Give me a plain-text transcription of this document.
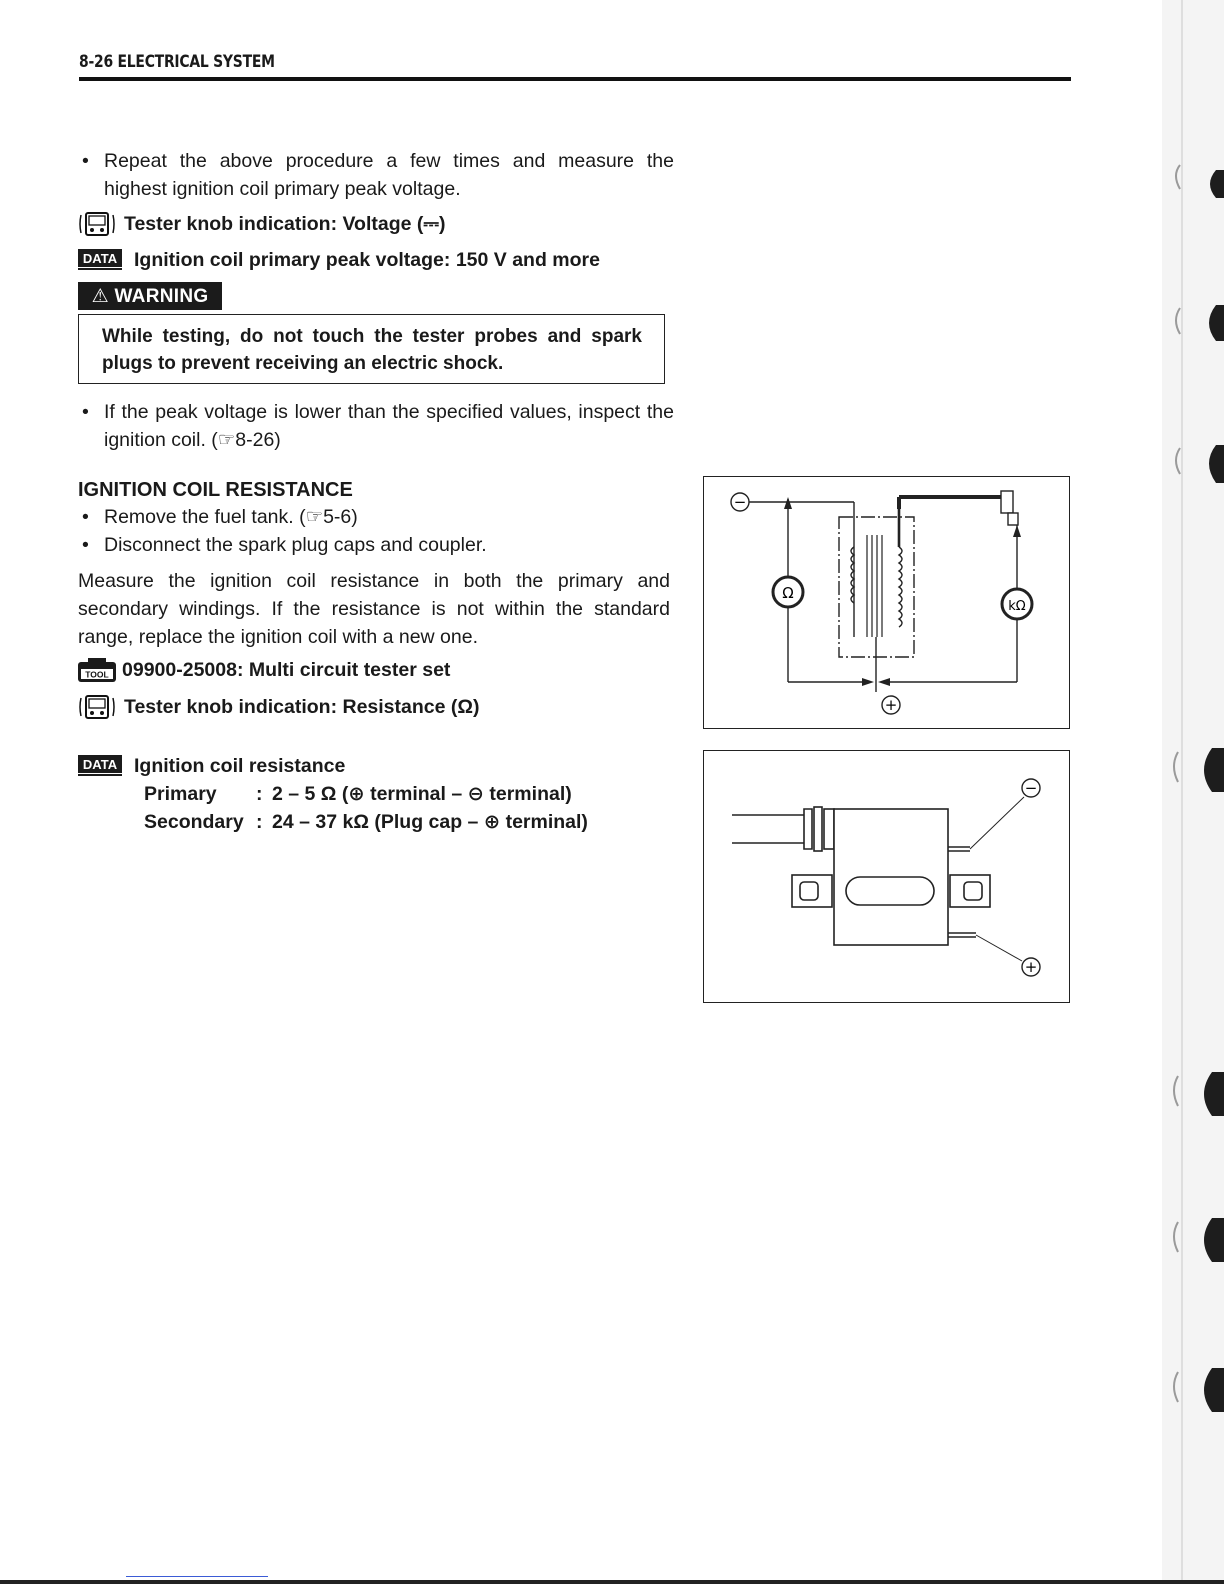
8-26 ELECTRICAL SYSTEM
• Repeat the above procedure a few times and measure the highest ignition coil primary peak voltage.
Tester knob indication: Voltage (⎓)
DATA Ignition coil primary peak voltage: 150 V and more
⚠ WARNING
While testing, do not touch the tester probes and spark plugs to prevent receiving an electric shock.
• If the peak voltage is lower than the specified values, inspect the ignition coil. (☞8-26)
IGNITION COIL RESISTANCE
• Remove the fuel tank. (☞5-6)
• Disconnect the spark plug caps and coupler.
Measure the ignition coil resistance in both the primary and secondary windings. If the resistance is not within the standard range, replace the ignition coil with a new one.
TOOL 09900-25008: Multi circuit tester set
Tester knob indication: Resistance (Ω)
DATA Ignition coil resistance
Primary : 2 – 5 Ω (⊕ terminal – ⊖ terminal)
Secondary : 24 – 37 kΩ (Plug cap – ⊕ terminal)
−
Ω
kΩ
+
−
+
